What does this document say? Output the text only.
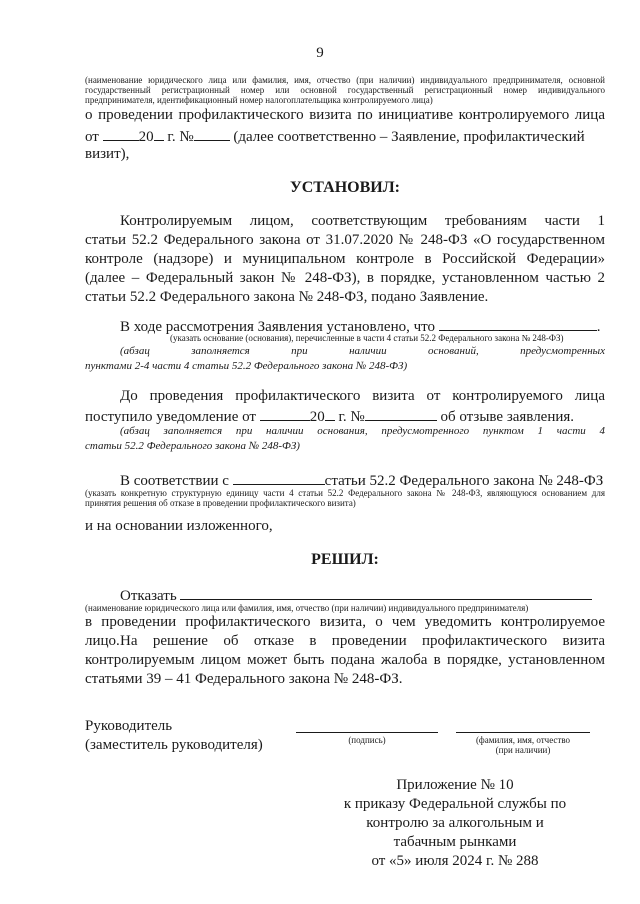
9
(наименование юридического лица или фамилия, имя, отчество (при наличии) индивидуального предпринимателя, основной
государственный регистрационный номер или основной государственный регистрационный номер индивидуального
предпринимателя, идентификационный номер налогоплательщика контролируемого лица)
о проведении профилактического визита по инициативе контролируемого лица
от	20 г. №	(далее соответственно – Заявление, профилактический
визит),
УСТАНОВИЛ:
Контролируемым лицом, соответствующим требованиям части 1
статьи 52.2 Федерального закона от 31.07.2020 № 248-ФЗ «О государственном
контроле (надзоре) и муниципальном контроле в Российской Федерации»
(далее – Федеральный закон № 248-ФЗ), в порядке, установленном частью 2
статьи 52.2 Федерального закона № 248-ФЗ, подано Заявление.
В ходе рассмотрения Заявления установлено, что	.
(указать основание (основания), перечисленные в части 4 статьи 52.2 Федерального закона № 248-ФЗ)
(абзац заполняется при наличии оснований, предусмотренных
пунктами 2-4 части 4 статьи 52.2 Федерального закона № 248-ФЗ)
До проведения профилактического визита от контролируемого лица
поступило уведомление от	20 г. №	об отзыве заявления.
(абзац заполняется при наличии основания, предусмотренного пунктом 1 части 4
статьи 52.2 Федерального закона № 248-ФЗ)
В соответствии с	статьи 52.2 Федерального закона № 248-ФЗ
(указать конкретную структурную единицу части 4 статьи 52.2 Федерального закона № 248-ФЗ, являющуюся основанием для
принятия решения об отказе в проведении профилактического визита)
и на основании изложенного,
РЕШИЛ:
Отказать
(наименование юридического лица или фамилия, имя, отчество (при наличии) индивидуального предпринимателя)
в проведении профилактического визита, о чем уведомить контролируемое лицо. На решение об отказе в проведении профилактического визита
контролируемым лицом может быть подана жалоба в порядке, установленном
статьями 39 – 41 Федерального закона № 248-ФЗ.
Руководитель
(заместитель руководителя)	(подпись)	(фамилия, имя, отчество
(при наличии)
Приложение № 10
к приказу Федеральной службы по
контролю за алкогольным и
табачным рынками
от «5» июля 2024 г. № 288
